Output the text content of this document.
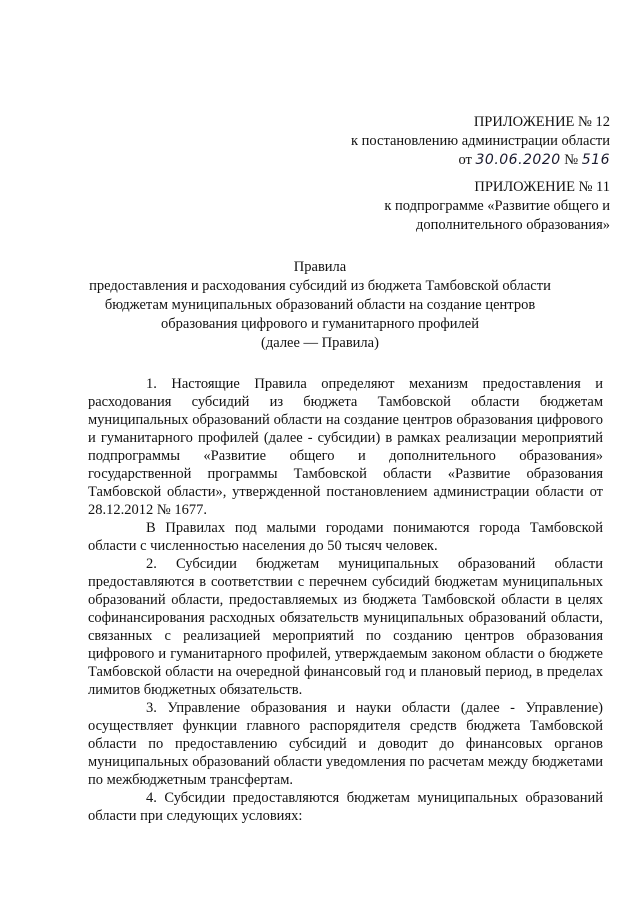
ПРИЛОЖЕНИЕ № 12
к постановлению администрации области
от 30.06.2020 № 516
ПРИЛОЖЕНИЕ № 11
к подпрограмме «Развитие общего и
дополнительного образования»
Правила
предоставления и расходования субсидий из бюджета Тамбовской области
бюджетам муниципальных образований области на создание центров
образования цифрового и гуманитарного профилей
(далее — Правила)

1. Настоящие Правила определяют механизм предоставления и расходования субсидий из бюджета Тамбовской области бюджетам муниципальных образований области на создание центров образования цифрового и гуманитарного профилей (далее - субсидии) в рамках реализации мероприятий подпрограммы «Развитие общего и дополнительного образования» государственной программы Тамбовской области «Развитие образования Тамбовской области», утвержденной постановлением администрации области от 28.12.2012 № 1677.

В Правилах под малыми городами понимаются города Тамбовской области с численностью населения до 50 тысяч человек.

2. Субсидии бюджетам муниципальных образований области предоставляются в соответствии с перечнем субсидий бюджетам муниципальных образований области, предоставляемых из бюджета Тамбовской области в целях софинансирования расходных обязательств муниципальных образований области, связанных с реализацией мероприятий по созданию центров образования цифрового и гуманитарного профилей, утверждаемым законом области о бюджете Тамбовской области на очередной финансовый год и плановый период, в пределах лимитов бюджетных обязательств.

3. Управление образования и науки области (далее - Управление) осуществляет функции главного распорядителя средств бюджета Тамбовской области по предоставлению субсидий и доводит до финансовых органов муниципальных образований области уведомления по расчетам между бюджетами по межбюджетным трансфертам.

4. Субсидии предоставляются бюджетам муниципальных образований области при следующих условиях:
